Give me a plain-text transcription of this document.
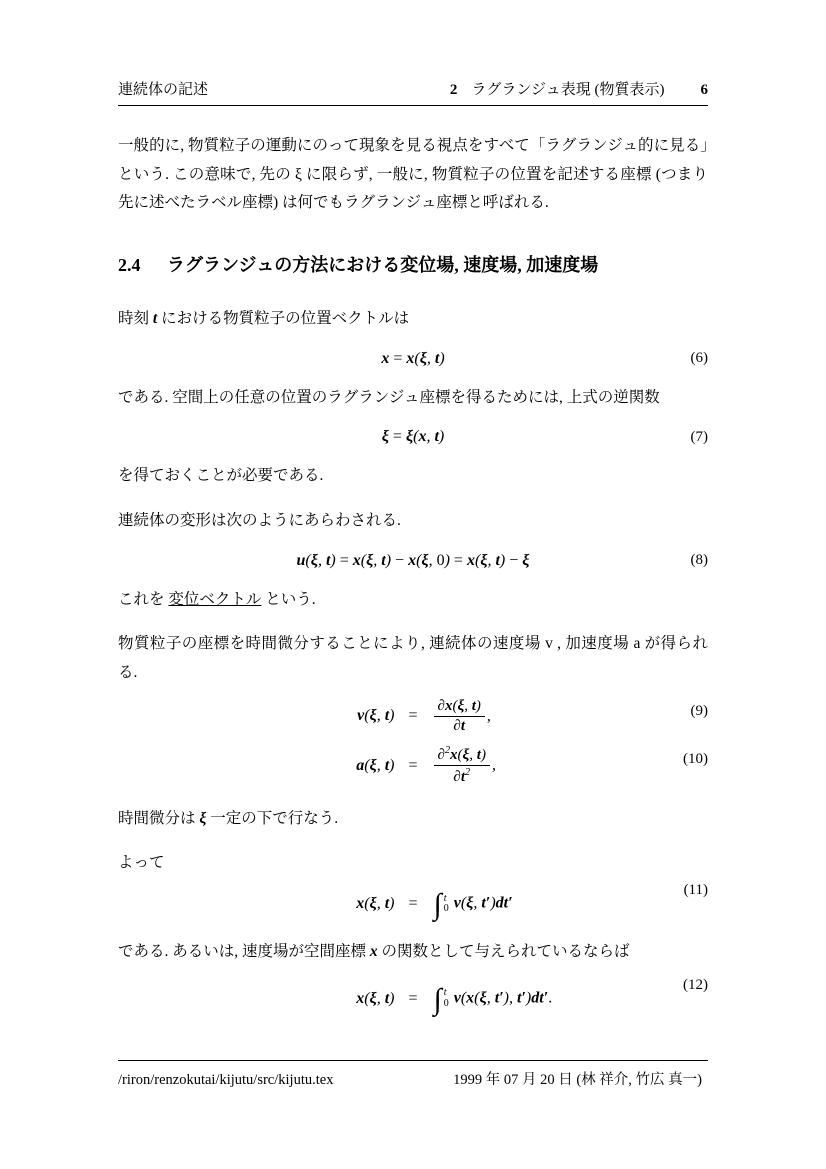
連続体の記述	2 ラグランジュ表現 (物質表示) 6

一般的に, 物質粒子の運動にのって現象を見る視点をすべて「ラグランジュ的に見る」という. この意味で, 先の ξ に限らず, 一般に, 物質粒子の位置を記述する座標 (つまり先に述べたラベル座標) は何でもラグランジュ座標と呼ばれる.

2.4 ラグランジュの方法における変位場, 速度場, 加速度場

時刻 t における物質粒子の位置ベクトルは

x = x(ξ, t)	(6)

である. 空間上の任意の位置のラグランジュ座標を得るためには, 上式の逆関数

ξ = ξ(x, t)	(7)

を得ておくことが必要である.

連続体の変形は次のようにあらわされる.

u(ξ, t) = x(ξ, t) − x(ξ, 0) = x(ξ, t) − ξ	(8)

これを 変位ベクトル という.

物質粒子の座標を時間微分することにより, 連続体の速度場 v , 加速度場 a が得られる.

v(ξ, $t) = \frac{\partial x(\xi, t)}{\partial t}$ ,
a(ξ, $t) = \frac{\partial^2x(\xi, t)}{\partial t^2}$ ,
(9)
(10)

時間微分は ξ 一定の下で行なう.

よって

x(ξ, t) = ∫ t
0 v(ξ, t′)dt′
(11)

である. あるいは, 速度場が空間座標 x の関数として与えられているならば

x(ξ, t) = ∫ t
0 v(x(ξ, t′), t′)dt′.
(12)
/riron/renzokutai/kijutu/src/kijutu.tex	1999 年 07 月 20 日 (林 祥介, 竹広 真一)
